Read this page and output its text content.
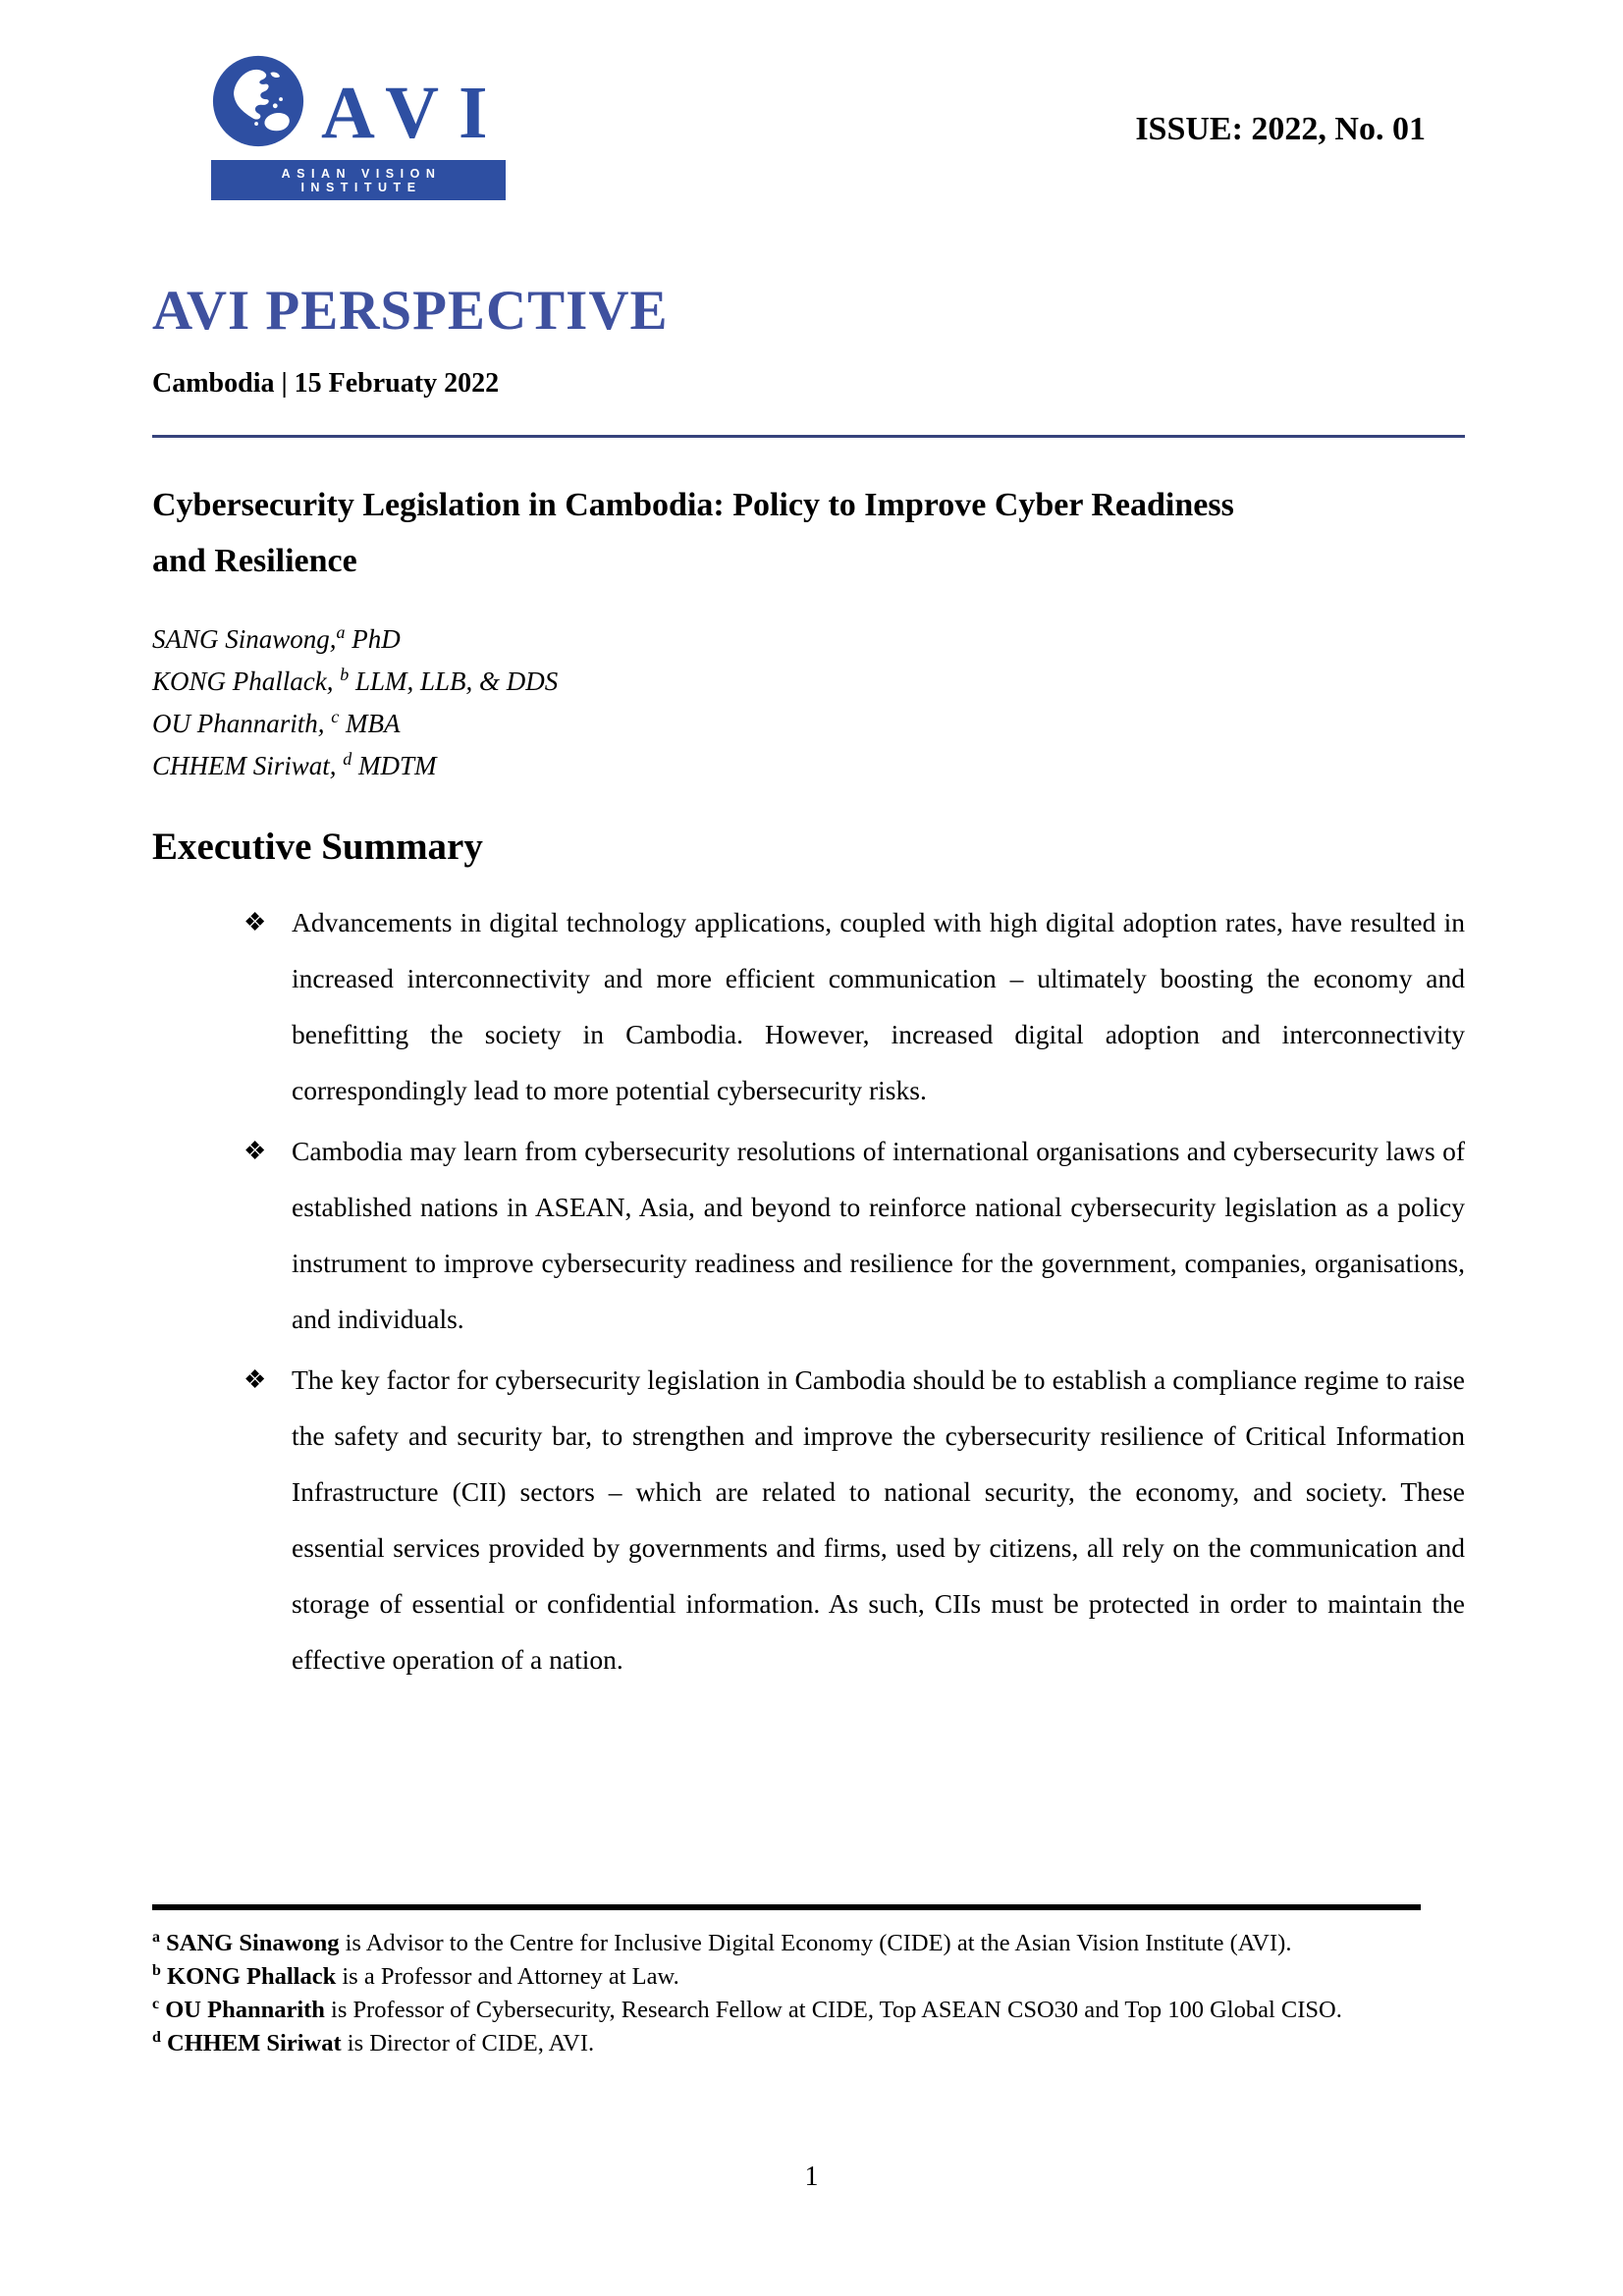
AVI
ASIAN VISION INSTITUTE
ISSUE: 2022, No. 01
AVI PERSPECTIVE
Cambodia | 15 Februaty 2022
Cybersecurity Legislation in Cambodia: Policy to Improve Cyber Readiness and Resilience
SANG Sinawong,$^a$ PhD
KONG Phallack, $^b$ LLM, LLB, & DDS
OU Phannarith, $^c$ MBA
CHHEM Siriwat, $^d$ MDTM
Executive Summary
❖ Advancements in digital technology applications, coupled with high digital adoption rates, have resulted in increased interconnectivity and more efficient communication – ultimately boosting the economy and benefitting the society in Cambodia. However, increased digital adoption and interconnectivity correspondingly lead to more potential cybersecurity risks.
❖ Cambodia may learn from cybersecurity resolutions of international organisations and cybersecurity laws of established nations in ASEAN, Asia, and beyond to reinforce national cybersecurity legislation as a policy instrument to improve cybersecurity readiness and resilience for the government, companies, organisations, and individuals.
❖ The key factor for cybersecurity legislation in Cambodia should be to establish a compliance regime to raise the safety and security bar, to strengthen and improve the cybersecurity resilience of Critical Information Infrastructure (CII) sectors – which are related to national security, the economy, and society. These essential services provided by governments and firms, used by citizens, all rely on the communication and storage of essential or confidential information. As such, CIIs must be protected in order to maintain the effective operation of a nation.
$^a$ SANG Sinawong is Advisor to the Centre for Inclusive Digital Economy (CIDE) at the Asian Vision Institute (AVI).
$^b$ KONG Phallack is a Professor and Attorney at Law.
$^c$ OU Phannarith is Professor of Cybersecurity, Research Fellow at CIDE, Top ASEAN CSO30 and Top 100 Global CISO.
$^d$ CHHEM Siriwat is Director of CIDE, AVI.
1
